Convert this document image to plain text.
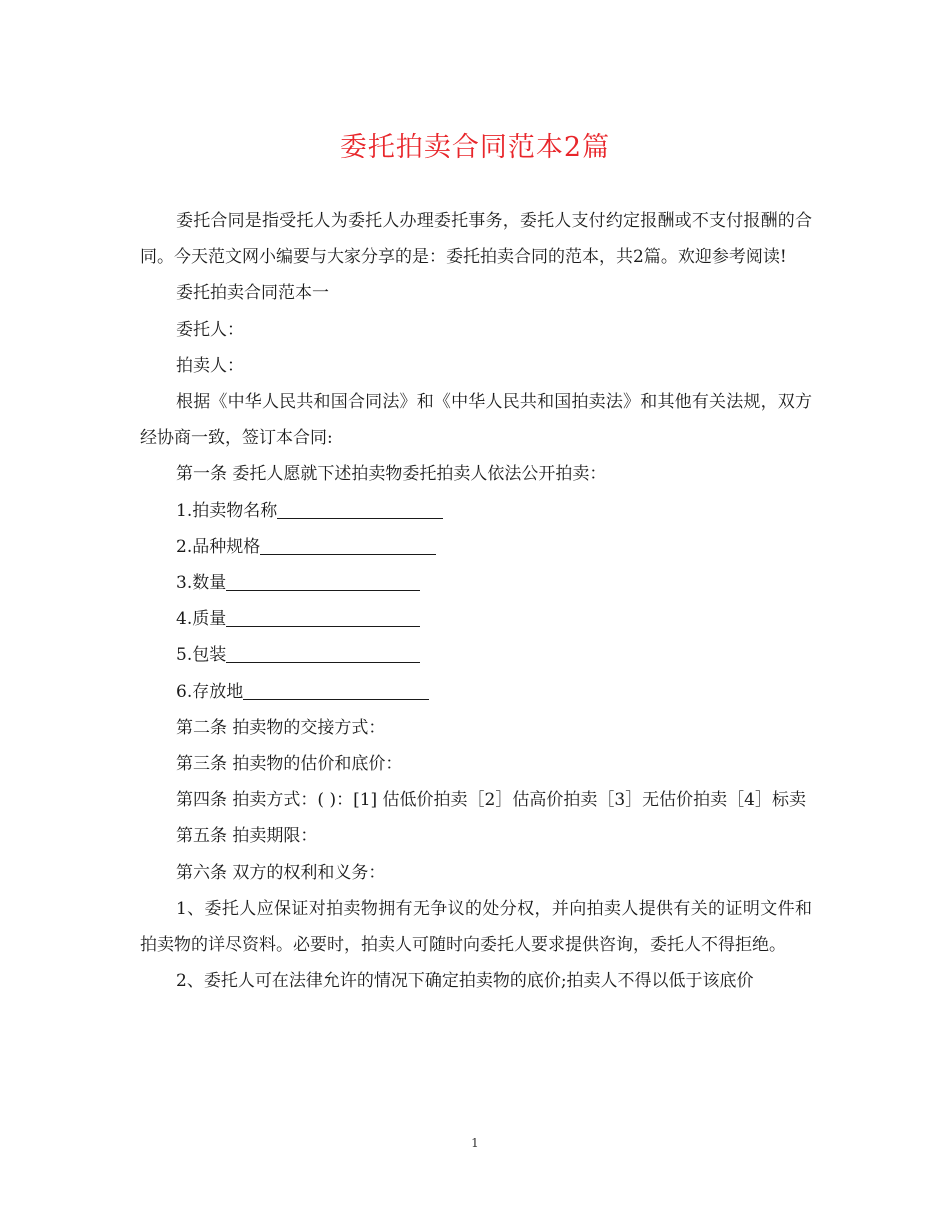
委托拍卖合同范本2篇

委托合同是指受托人为委托人办理委托事务，委托人支付约定报酬或不支付报酬的合同。今天范文网小编要与大家分享的是：委托拍卖合同的范本，共2篇。欢迎参考阅读!

委托拍卖合同范本一

委托人：

拍卖人：

根据《中华人民共和国合同法》和《中华人民共和国拍卖法》和其他有关法规，双方经协商一致，签订本合同:

第一条 委托人愿就下述拍卖物委托拍卖人依法公开拍卖：

1.拍卖物名称

2.品种规格

3.数量

4.质量

5.包装

6.存放地

第二条 拍卖物的交接方式：

第三条 拍卖物的估价和底价：

第四条 拍卖方式：( )：[1] 估低价拍卖［2］估高价拍卖［3］无估价拍卖［4］标卖

第五条 拍卖期限：

第六条 双方的权利和义务：

1、委托人应保证对拍卖物拥有无争议的处分权，并向拍卖人提供有关的证明文件和拍卖物的详尽资料。必要时，拍卖人可随时向委托人要求提供咨询，委托人不得拒绝。

2、委托人可在法律允许的情况下确定拍卖物的底价;拍卖人不得以低于该底价

1
